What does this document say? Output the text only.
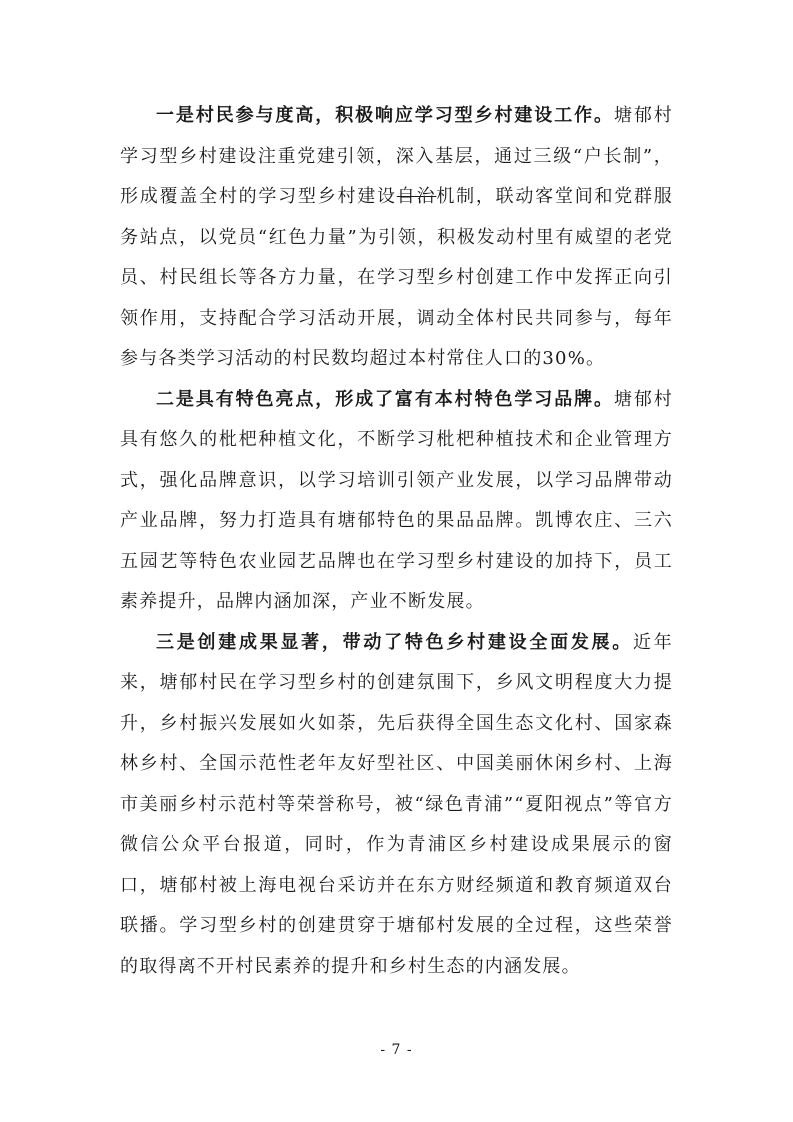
一是村民参与度高，积极响应学习型乡村建设工作。塘郁村学习型乡村建设注重党建引领，深入基层，通过三级“户长制”，形成覆盖全村的学习型乡村建设自治机制，联动客堂间和党群服务站点，以党员“红色力量”为引领，积极发动村里有威望的老党员、村民组长等各方力量，在学习型乡村创建工作中发挥正向引领作用，支持配合学习活动开展，调动全体村民共同参与，每年参与各类学习活动的村民数均超过本村常住人口的30%。

二是具有特色亮点，形成了富有本村特色学习品牌。塘郁村具有悠久的枇杷种植文化，不断学习枇杷种植技术和企业管理方式，强化品牌意识，以学习培训引领产业发展，以学习品牌带动产业品牌，努力打造具有塘郁特色的果品品牌。凯博农庄、三六五园艺等特色农业园艺品牌也在学习型乡村建设的加持下，员工素养提升，品牌内涵加深，产业不断发展。

三是创建成果显著，带动了特色乡村建设全面发展。近年来，塘郁村民在学习型乡村的创建氛围下，乡风文明程度大力提升，乡村振兴发展如火如荼，先后获得全国生态文化村、国家森林乡村、全国示范性老年友好型社区、中国美丽休闲乡村、上海市美丽乡村示范村等荣誉称号，被“绿色青浦”“夏阳视点”等官方微信公众平台报道，同时，作为青浦区乡村建设成果展示的窗口，塘郁村被上海电视台采访并在东方财经频道和教育频道双台联播。学习型乡村的创建贯穿于塘郁村发展的全过程，这些荣誉的取得离不开村民素养的提升和乡村生态的内涵发展。

- 7 -
